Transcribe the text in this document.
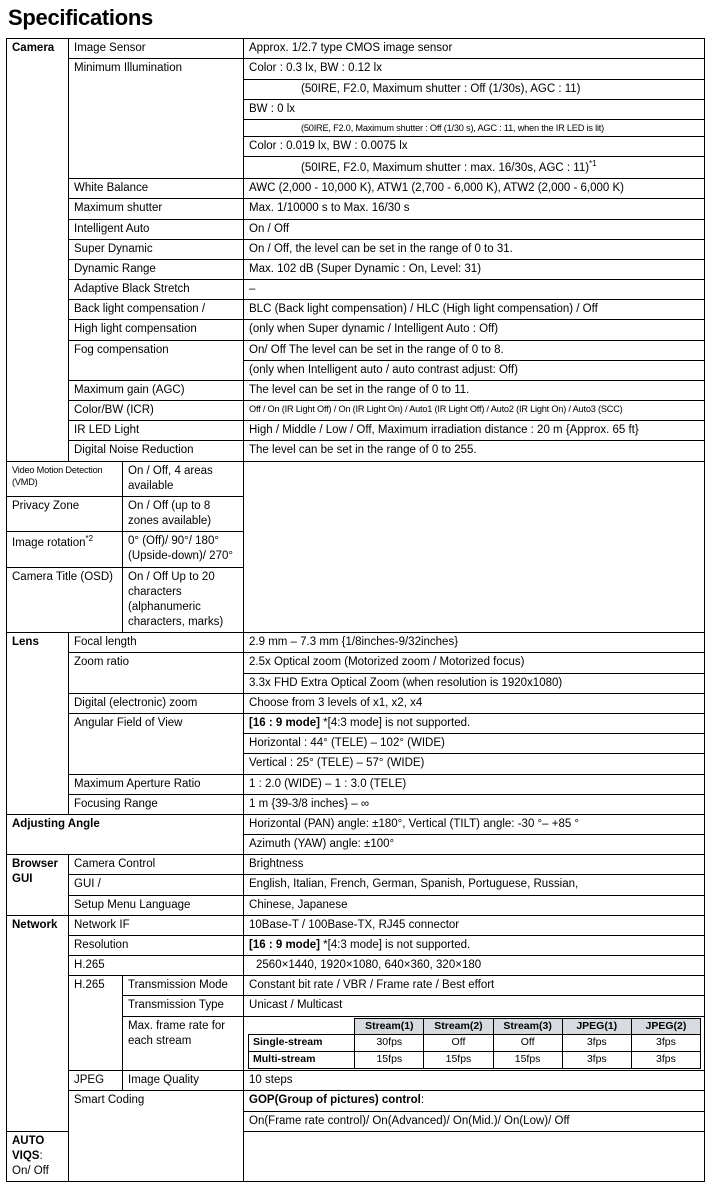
Specifications
Camera	Image Sensor	Approx. 1/2.7 type CMOS image sensor
Minimum Illumination	Color : 0.3 lx, BW : 0.12 lx

(50IRE, F2.0, Maximum shutter : Off (1/30s), AGC : 11)

BW : 0 lx

(50IRE, F2.0, Maximum shutter : Off (1/30 s), AGC : 11, when the IR LED is lit)

Color : 0.019 lx, BW : 0.0075 lx

(50IRE, F2.0, Maximum shutter : max. 16/30s, AGC : 11)$^{*1}$

White Balance	AWC (2,000 - 10,000 K), ATW1 (2,700 - 6,000 K), ATW2 (2,000 - 6,000 K)
Maximum shutter	Max. 1/10000 s to Max. 16/30 s
Intelligent Auto	On / Off
Super Dynamic	On / Off, the level can be set in the range of 0 to 31.
Dynamic Range	Max. 102 dB (Super Dynamic : On, Level: 31)
Adaptive Black Stretch	–
Back light compensation /	BLC (Back light compensation) / HLC (High light compensation) / Off
High light compensation	(only when Super dynamic / Intelligent Auto : Off)
Fog compensation	On/ Off The level can be set in the range of 0 to 8.
(only when Intelligent auto / auto contrast adjust: Off)
Maximum gain (AGC)	The level can be set in the range of 0 to 11.
Color/BW (ICR)	Off / On (IR Light Off) / On (IR Light On) / Auto1 (IR Light Off) / Auto2 (IR Light On) / Auto3 (SCC)
IR LED Light	High / Middle / Low / Off, Maximum irradiation distance : 20 m {Approx. 65 ft}
Digital Noise Reduction	The level can be set in the range of 0 to 255.
Video Motion Detection (VMD)	On / Off, 4 areas available
Privacy Zone	On / Off (up to 8 zones available)
Image rotation$^{*2}$	0° (Off)/ 90°/ 180° (Upside-down)/ 270°
Camera Title (OSD)	On / Off Up to 20 characters (alphanumeric characters, marks)
Lens	Focal length	2.9 mm – 7.3 mm {1/8inches-9/32inches}
Zoom ratio	2.5x Optical zoom (Motorized zoom / Motorized focus)
3.3x FHD Extra Optical Zoom (when resolution is 1920x1080)
Digital (electronic) zoom	Choose from 3 levels of x1, x2, x4
Angular Field of View	[16 : 9 mode] *[4:3 mode] is not supported.
Horizontal : 44° (TELE) – 102° (WIDE)
Vertical : 25° (TELE) – 57° (WIDE)
Maximum Aperture Ratio	1 : 2.0 (WIDE) – 1 : 3.0 (TELE)
Focusing Range	1 m {39-3/8 inches} – ∞
Adjusting Angle	Horizontal (PAN) angle: ±180°, Vertical (TILT) angle: -30 °– +85 °
Azimuth (YAW) angle: ±100°

Browser
GUI
	Camera Control	Brightness
GUI /	English, Italian, French, German, Spanish, Portuguese, Russian,
Setup Menu Language	Chinese, Japanese
Network	Network IF	10Base-T / 100Base-TX, RJ45 connector
Resolution	[16 : 9 mode] *[4:3 mode] is not supported.
H.265	2560×1440, 1920×1080, 640×360, 320×180
H.265	Transmission Mode	Constant bit rate / VBR / Frame rate / Best effort
Transmission Type	Unicast / Multicast

Max. frame rate for
each stream

	Stream(1)	Stream(2)	Stream(3)	JPEG(1)	JPEG(2)
Single-stream	30fps	Off	Off	3fps	3fps
Multi-stream	15fps	15fps	15fps	3fps	3fps

JPEG	Image Quality	10 steps
Smart Coding	GOP(Group of pictures) control:
On(Frame rate control)/ On(Advanced)/ On(Mid.)/ On(Low)/ Off
AUTO VIQS: On/ Off
